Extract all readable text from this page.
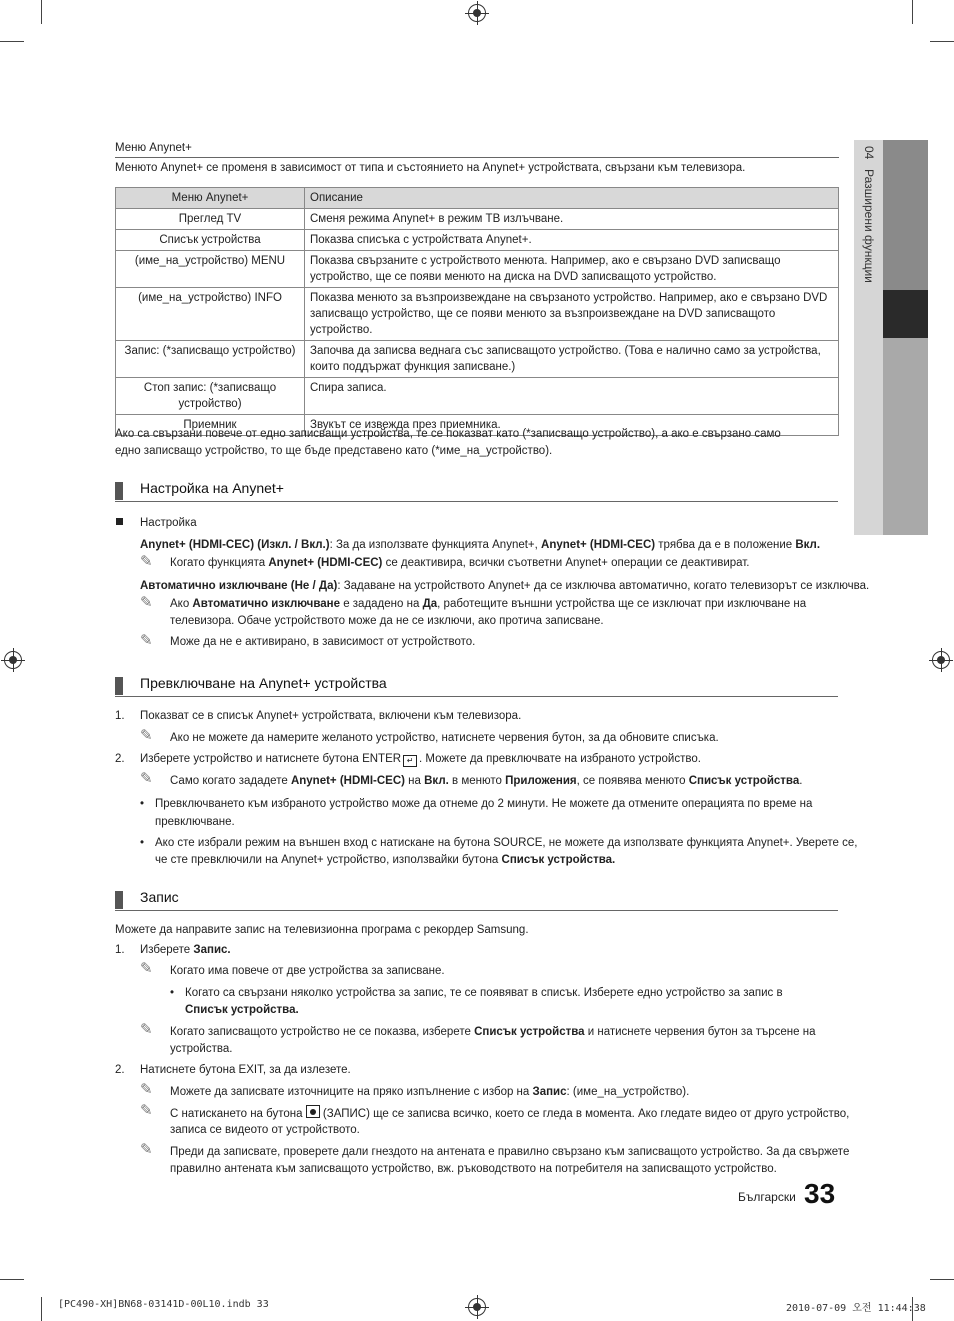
04Разширени функции
Меню Anynet+
Менюто Anynet+ се променя в зависимост от типа и състоянието на Anynet+ устройствата, свързани към телевизора.
Меню Anynet+	Описание
Преглед TV	Сменя режима Anynet+ в режим ТВ излъчване.
Списък устройства	Показва списъка с устройствата Anynet+.
(име_на_устройство) MENU	Показва свързаните с устройството менюта. Например, ако е свързано DVD записващо устройство, ще се появи менюто на диска на DVD записващото устройство.
(име_на_устройство) INFO	Показва менюто за възпроизвеждане на свързаното устройство. Например, ако е свързано DVD записващо устройство, ще се появи менюто за възпроизвеждане на DVD записващото устройство.
Запис: (*записващо устройство)	Започва да записва веднага със записващото устройство. (Това е налично само за устройства, които поддържат функция записване.)
Стоп запис: (*записващо устройство)	Спира записа.
Приемник	Звукът се извежда през приемника.
Ако са свързани повече от едно записващи устройства, те се показват като (*записващо устройство), а ако е свързано само едно записващо устройство, то ще бъде представено като (*име_на_устройство).
Настройка на Anynet+
Настройка
Anynet+ (HDMI-CEC) (Изкл. / Вкл.): За да използвате функцията Anynet+, Anynet+ (HDMI-CEC) трябва да е в положение Вкл.
✎ Когато функцията Anynet+ (HDMI-CEC) се деактивира, всички съответни Anynet+ операции се деактивират.
Автоматично изключване (Не / Да): Задаване на устройството Anynet+ да се изключва автоматично, когато телевизорът се изключва.
✎ Ако Автоматично изключване е зададено на Да, работещите външни устройства ще се изключат при изключване на
телевизора. Обаче устройството може да не се изключи, ако протича записване.
✎ Може да не е активирано, в зависимост от устройството.
Превключване на Anynet+ устройства
1. Показват се в списък Anynet+ устройствата, включени към телевизора.
✎ Ако не можете да намерите желаното устройство, натиснете червения бутон, за да обновите списъка.
2. Изберете устройство и натиснете бутона ENTER ↵ . Можете да превключвате на избраното устройство.
✎ Само когато зададете Anynet+ (HDMI-CEC) на Вкл. в менюто Приложения, се появява менюто Списък устройства.
• Превключването към избраното устройство може да отнеме до 2 минути. Не можете да отмените операцията по време на
превключване.
• Ако сте избрали режим на външен вход с натискане на бутона SOURCE, не можете да използвате функцията Anynet+. Уверете се,
че сте превключили на Anynet+ устройство, използвайки бутона Списък устройства.
Запис
Можете да направите запис на телевизионна програма с рекордер Samsung.
1. Изберете Запис.
✎ Когато има повече от две устройства за записване.
• Когато са свързани няколко устройства за запис, те се появяват в списък. Изберете едно устройство за запис в
Списък устройства.
✎ Когато записващото устройство не се показва, изберете Списък устройства и натиснете червения бутон за търсене на
устройства.
2. Натиснете бутона EXIT, за да излезете.
✎ Можете да записвате източниците на пряко изпълнение с избор на Запис: (име_на_устройство).
✎ С натискането на бутона
(ЗАПИС) ще се записва всичко, което се гледа в момента. Ако гледате видео от друго устройство,
записа се видеото от устройството.
✎ Преди да записвате, проверете дали гнездото на антената е правилно свързано към записващото устройство. За да свържете
правилно антената към записващото устройство, вж. ръководството на потребителя на записващото устройство.
Български 33
[PC490-XH]BN68-03141D-00L10.indb 33	2010-07-09 오전 11:44:38
